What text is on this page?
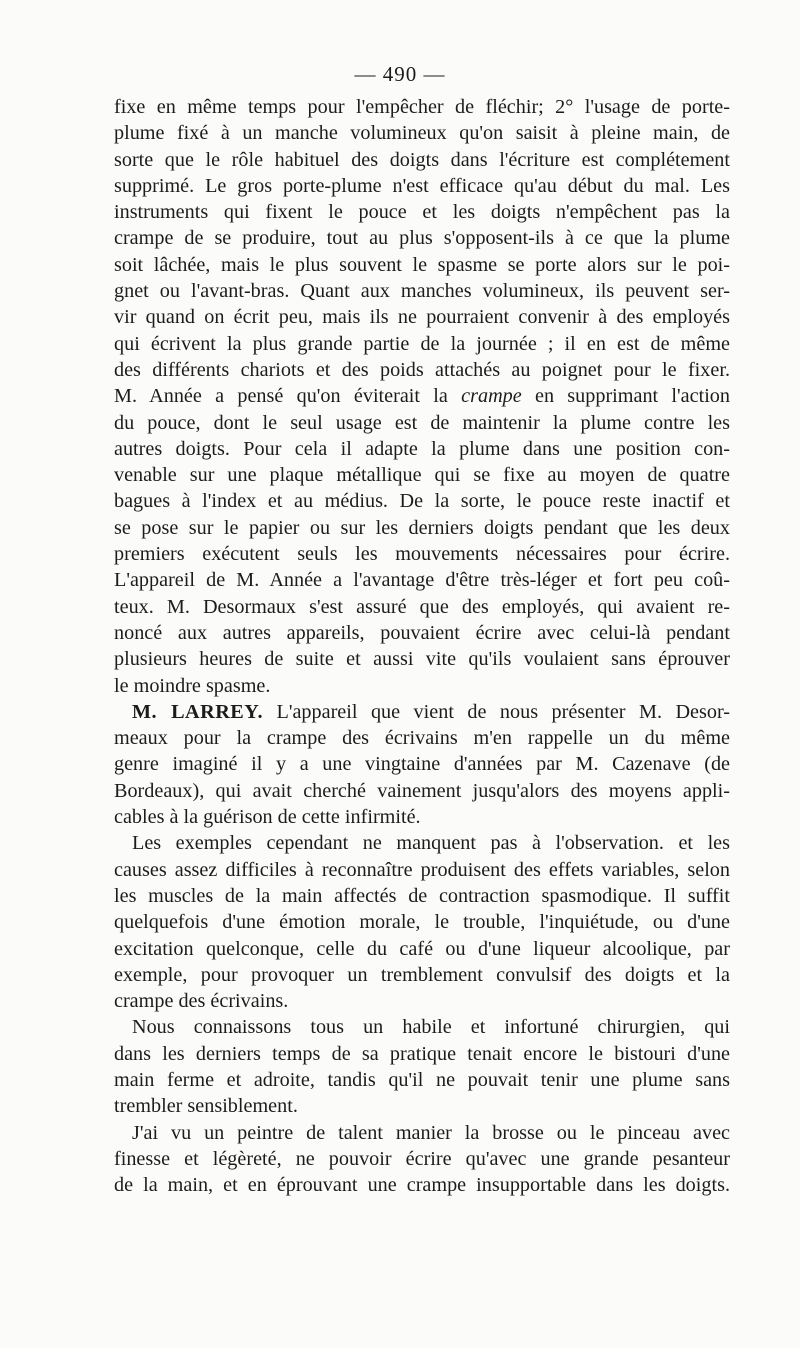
— 490 —
fixe en même temps pour l'empêcher de fléchir; 2° l'usage de porte-
plume fixé à un manche volumineux qu'on saisit à pleine main, de
sorte que le rôle habituel des doigts dans l'écriture est complétement
supprimé. Le gros porte-plume n'est efficace qu'au début du mal. Les
instruments qui fixent le pouce et les doigts n'empêchent pas la
crampe de se produire, tout au plus s'opposent-ils à ce que la plume
soit lâchée, mais le plus souvent le spasme se porte alors sur le poi-
gnet ou l'avant-bras. Quant aux manches volumineux, ils peuvent ser-
vir quand on écrit peu, mais ils ne pourraient convenir à des employés
qui écrivent la plus grande partie de la journée ; il en est de même
des différents chariots et des poids attachés au poignet pour le fixer.
M. Année a pensé qu'on éviterait la crampe en supprimant l'action
du pouce, dont le seul usage est de maintenir la plume contre les
autres doigts. Pour cela il adapte la plume dans une position con-
venable sur une plaque métallique qui se fixe au moyen de quatre
bagues à l'index et au médius. De la sorte, le pouce reste inactif et
se pose sur le papier ou sur les derniers doigts pendant que les deux
premiers exécutent seuls les mouvements nécessaires pour écrire.
L'appareil de M. Année a l'avantage d'être très-léger et fort peu coû-
teux. M. Desormaux s'est assuré que des employés, qui avaient re-
noncé aux autres appareils, pouvaient écrire avec celui-là pendant
plusieurs heures de suite et aussi vite qu'ils voulaient sans éprouver
le moindre spasme.
M. LARREY. L'appareil que vient de nous présenter M. Desor-
meaux pour la crampe des écrivains m'en rappelle un du même
genre imaginé il y a une vingtaine d'années par M. Cazenave (de
Bordeaux), qui avait cherché vainement jusqu'alors des moyens appli-
cables à la guérison de cette infirmité.
Les exemples cependant ne manquent pas à l'observation. et les
causes assez difficiles à reconnaître produisent des effets variables, selon
les muscles de la main affectés de contraction spasmodique. Il suffit
quelquefois d'une émotion morale, le trouble, l'inquiétude, ou d'une
excitation quelconque, celle du café ou d'une liqueur alcoolique, par
exemple, pour provoquer un tremblement convulsif des doigts et la
crampe des écrivains.
Nous connaissons tous un habile et infortuné chirurgien, qui
dans les derniers temps de sa pratique tenait encore le bistouri d'une
main ferme et adroite, tandis qu'il ne pouvait tenir une plume sans
trembler sensiblement.
J'ai vu un peintre de talent manier la brosse ou le pinceau avec
finesse et légèreté, ne pouvoir écrire qu'avec une grande pesanteur
de la main, et en éprouvant une crampe insupportable dans les doigts.
